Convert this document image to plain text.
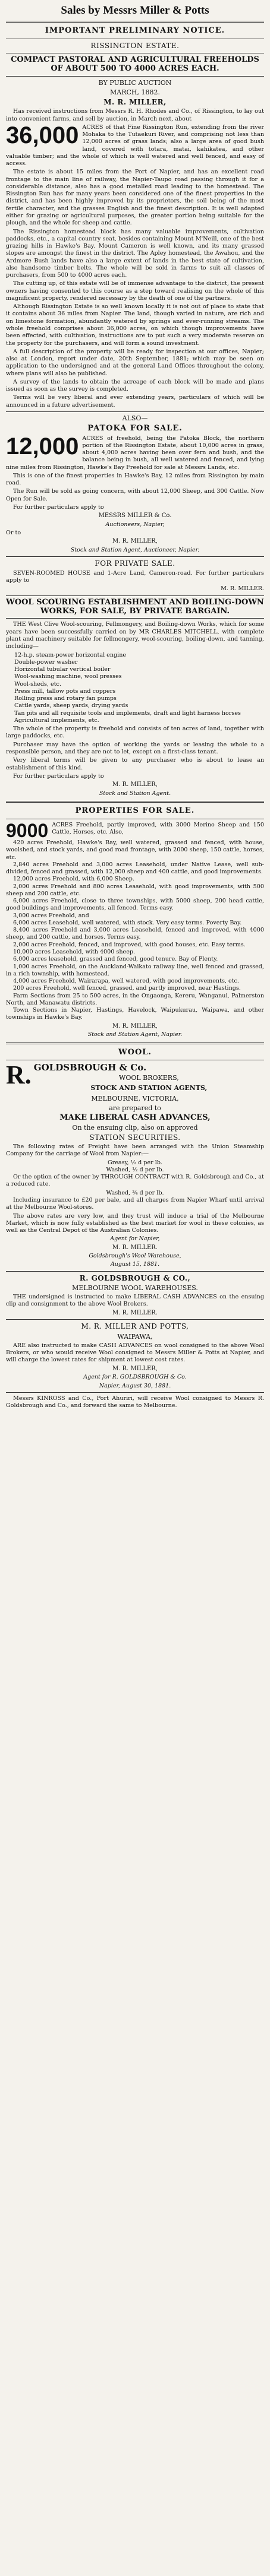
Sales by Messrs Miller & Potts
IMPORTANT PRELIMINARY NOTICE.
RISSINGTON ESTATE.
COMPACT PASTORAL AND AGRICULTURAL FREEHOLDS OF ABOUT 500 TO 4000 ACRES EACH.
BY PUBLIC AUCTION
MARCH, 1882.
M. R. MILLER,

Has received instructions from Messrs R. H. Rhodes and Co., of Rissington, to lay out into convenient farms, and sell by auction, in March next, about

36,000 ACRES of that Fine Rissington Run, extending from the river Mohaka to the Tutaekuri River, and comprising not less than 12,000 acres of grass lands; also a large area of good bush land, covered with totara, matai, kahikatea, and other valuable timber; and the whole of which is well watered and well fenced, and easy of access.

The estate is about 15 miles from the Port of Napier, and has an excellent road frontage to the main line of railway, the Napier-Taupo road passing through it for a considerable distance, also has a good metalled road leading to the homestead. The Rissington Run has for many years been considered one of the finest properties in the district, and has been highly improved by its proprietors, the soil being of the most fertile character, and the grasses English and the finest description. It is well adapted either for grazing or agricultural purposes, the greater portion being suitable for the plough, and the whole for sheep and cattle.

The Rissington homestead block has many valuable improvements, cultivation paddocks, etc., a capital country seat, besides containing Mount M'Neill, one of the best grazing hills in Hawke's Bay. Mount Cameron is well known, and its many grassed slopes are amongst the finest in the district. The Apley homestead, the Awahou, and the Ardmore Bush lands have also a large extent of lands in the best state of cultivation, also handsome timber belts. The whole will be sold in farms to suit all classes of purchasers, from 500 to 4000 acres each.

The cutting up, of this estate will be of immense advantage to the district, the present owners having consented to this course as a step toward realising on the whole of this magnificent property, rendered necessary by the death of one of the partners.

Although Rissington Estate is so well known locally it is not out of place to state that it contains about 36 miles from Napier. The land, though varied in nature, are rich and on limestone formation, abundantly watered by springs and ever-running streams. The whole freehold comprises about 36,000 acres, on which though improvements have been effected, with cultivation, instructions are to put such a very moderate reserve on the property for the purchasers, and will form a sound investment.

A full description of the property will be ready for inspection at our offices, Napier; also at London, report under date, 20th September, 1881; which may be seen on application to the undersigned and at the general Land Offices throughout the colony, where plans will also be published.

A survey of the lands to obtain the acreage of each block will be made and plans issued as soon as the survey is completed.

Terms will be very liberal and ever extending years, particulars of which will be announced in a future advertisement.

ALSO—
PATOKA FOR SALE.
12,000 ACRES of freehold, being the Patoka Block, the northern portion of the Rissington Estate, about 10,000 acres in grass, about 4,000 acres having been over fern and bush, and the balance being in bush, all well watered and fenced, and lying nine miles from Rissington, Hawke's Bay Freehold for sale at Messrs Lands, etc.

This is one of the finest properties in Hawke's Bay, 12 miles from Rissington by main road.

The Run will be sold as going concern, with about 12,000 Sheep, and 300 Cattle. Now Open for Sale.

For further particulars apply to

MESSRS MILLER & Co.
Auctioneers, Napier,

Or to

M. R. MILLER,
Stock and Station Agent, Auctioneer, Napier.
FOR PRIVATE SALE.

SEVEN-ROOMED HOUSE and 1-Acre Land, Cameron-road. For further particulars apply to

M. R. MILLER.
WOOL SCOURING ESTABLISHMENT AND BOILING-DOWN WORKS, FOR SALE, BY PRIVATE BARGAIN.

THE West Clive Wool-scouring, Fellmongery, and Boiling-down Works, which for some years have been successfully carried on by MR CHARLES MITCHELL, with complete plant and machinery suitable for fellmongery, wool-scouring, boiling-down, and tanning, including—

12-h.p. steam-power horizontal engine
Double-power washer
Horizontal tubular vertical boiler
Wool-washing machine, wool presses
Wool-sheds, etc.
Press mill, tallow pots and coppers
Rolling press and rotary fan pumps
Cattle yards, sheep yards, drying yards
Tan pits and all requisite tools and implements, draft and light harness horses
Agricultural implements, etc.

The whole of the property is freehold and consists of ten acres of land, together with large paddocks, etc.

Purchaser may have the option of working the yards or leasing the whole to a responsible person, and they are not to let, except on a first-class tenant.

Very liberal terms will be given to any purchaser who is about to lease an establishment of this kind.

For further particulars apply to

M. R. MILLER,
Stock and Station Agent.
PROPERTIES FOR SALE.
9000 ACRES Freehold, partly improved, with 3000 Merino Sheep and 150 Cattle, Horses, etc. Also,

420 acres Freehold, Hawke's Bay, well watered, grassed and fenced, with house, woolshed, and stock yards, and good road frontage, with 2000 sheep, 150 cattle, horses, etc.

2,840 acres Freehold and 3,000 acres Leasehold, under Native Lease, well sub-divided, fenced and grassed, with 12,000 sheep and 400 cattle, and good improvements.

12,000 acres Freehold, with 6,000 Sheep.

2,000 acres Freehold and 800 acres Leasehold, with good improvements, with 500 sheep and 200 cattle, etc.

6,000 acres Freehold, close to three townships, with 5000 sheep, 200 head cattle, good buildings and improvements, all fenced. Terms easy.

3,000 acres Freehold, and

6,000 acres Leasehold, well watered, with stock. Very easy terms. Poverty Bay.

8,400 acres Freehold and 3,000 acres Leasehold, fenced and improved, with 4000 sheep, and 200 cattle, and horses. Terms easy.

2,000 acres Freehold, fenced, and improved, with good houses, etc. Easy terms.

10,000 acres Leasehold, with 4000 sheep.

6,000 acres leasehold, grassed and fenced, good tenure. Bay of Plenty.

1,000 acres Freehold, on the Auckland-Waikato railway line, well fenced and grassed, in a rich township, with homestead.

4,000 acres Freehold, Wairarapa, well watered, with good improvements, etc.

200 acres Freehold, well fenced, grassed, and partly improved, near Hastings.

Farm Sections from 25 to 500 acres, in the Ongaonga, Kereru, Wanganui, Palmerston North, and Manawatu districts.

Town Sections in Napier, Hastings, Havelock, Waipukurau, Waipawa, and other townships in Hawke's Bay.

M. R. MILLER,
Stock and Station Agent, Napier.
WOOL.
R. GOLDSBROUGH & Co.
WOOL BROKERS,
STOCK AND STATION AGENTS,
MELBOURNE, VICTORIA,
are prepared to
MAKE LIBERAL CASH ADVANCES,
On the ensuing clip, also on approved
STATION SECURITIES.

The following rates of Freight have been arranged with the Union Steamship Company for the carriage of Wool from Napier:—

Greasy, ½ d per lb.
Washed, ½ d per lb.

Or the option of the owner by THROUGH CONTRACT with R. Goldsbrough and Co., at a reduced rate.

Washed, ¾ d per lb.

Including insurance to £20 per bale, and all charges from Napier Wharf until arrival at the Melbourne Wool-stores.

The above rates are very low, and they trust will induce a trial of the Melbourne Market, which is now fully established as the best market for wool in these colonies, as well as the Central Depot of the Australian Colonies.

Agent for Napier,
M. R. MILLER.
Goldsbrough's Wool Warehouse,
August 15, 1881.
R. GOLDSBROUGH & CO.,
MELBOURNE WOOL WAREHOUSES.

THE undersigned is instructed to make LIBERAL CASH ADVANCES on the ensuing clip and consignment to the above Wool Brokers.

M. R. MILLER.
M. R. MILLER AND POTTS,
WAIPAWA,

ARE also instructed to make CASH ADVANCES on wool consigned to the above Wool Brokers, or who would receive Wool consigned to Messrs Miller & Potts at Napier, and will charge the lowest rates for shipment at lowest cost rates.

M. R. MILLER,
Agent for R. GOLDSBROUGH & Co.
Napier, August 30, 1881.

Messrs KINROSS and Co., Port Ahuriri, will receive Wool consigned to Messrs R. Goldsbrough and Co., and forward the same to Melbourne.
